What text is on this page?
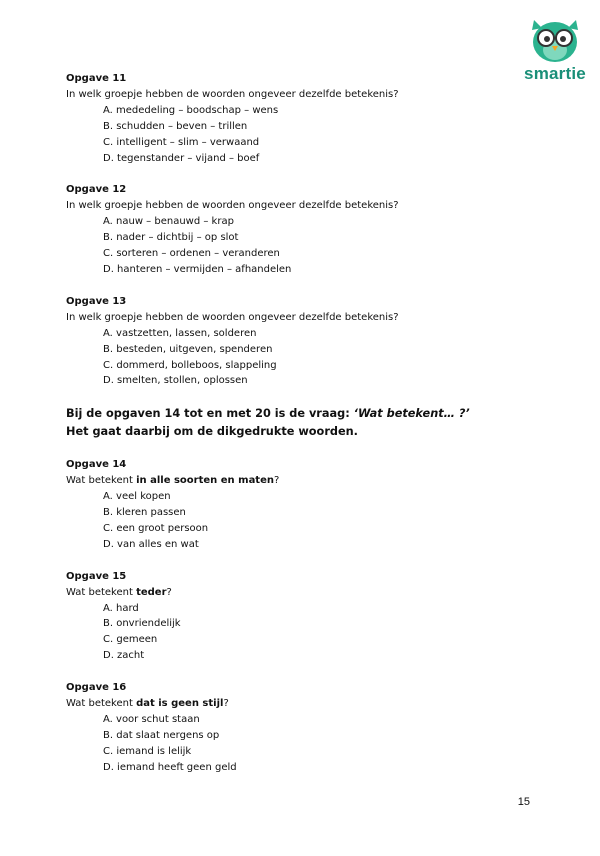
smartie
Opgave 11
In welk groepje hebben de woorden ongeveer dezelfde betekenis?
A. mededeling – boodschap – wens
B. schudden – beven – trillen
C. intelligent – slim – verwaand
D. tegenstander – vijand – boef
Opgave 12
In welk groepje hebben de woorden ongeveer dezelfde betekenis?
A. nauw – benauwd – krap
B. nader – dichtbij – op slot
C. sorteren – ordenen – veranderen
D. hanteren – vermijden – afhandelen
Opgave 13
In welk groepje hebben de woorden ongeveer dezelfde betekenis?
A. vastzetten, lassen, solderen
B. besteden, uitgeven, spenderen
C. dommerd, bolleboos, slappeling
D. smelten, stollen, oplossen
Bij de opgaven 14 tot en met 20 is de vraag: ‘Wat betekent… ?’
Het gaat daarbij om de dikgedrukte woorden.
Opgave 14
Wat betekent in alle soorten en maten?
A. veel kopen
B. kleren passen
C. een groot persoon
D. van alles en wat
Opgave 15
Wat betekent teder?
A. hard
B. onvriendelijk
C. gemeen
D. zacht
Opgave 16
Wat betekent dat is geen stijl?
A. voor schut staan
B. dat slaat nergens op
C. iemand is lelijk
D. iemand heeft geen geld
15
